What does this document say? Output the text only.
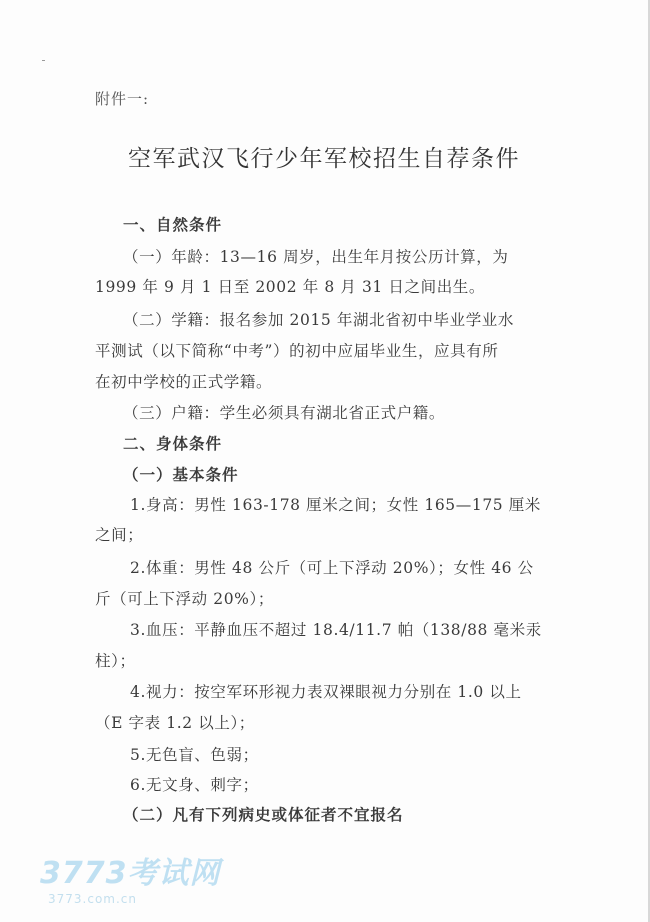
附件一:
空军武汉飞行少年军校招生自荐条件
一、自然条件
（一）年龄：13—16 周岁，出生年月按公历计算，为
1999 年 9 月 1 日至 2002 年 8 月 31 日之间出生。
（二）学籍：报名参加 2015 年湖北省初中毕业学业水
平测试（以下简称“中考”）的初中应届毕业生，应具有所
在初中学校的正式学籍。
（三）户籍：学生必须具有湖北省正式户籍。
二、身体条件
（一）基本条件
1.身高：男性 163-178 厘米之间；女性 165—175 厘米
之间；
2.体重：男性 48 公斤（可上下浮动 20%）；女性 46 公
斤（可上下浮动 20%）；
3.血压：平静血压不超过 18.4/11.7 帕（138/88 毫米汞
柱）；
4.视力：按空军环形视力表双裸眼视力分别在 1.0 以上
（E 字表 1.2 以上）；
5.无色盲、色弱；
6.无文身、刺字；
（二）凡有下列病史或体征者不宜报名
3773考试网
3773.com.cn
